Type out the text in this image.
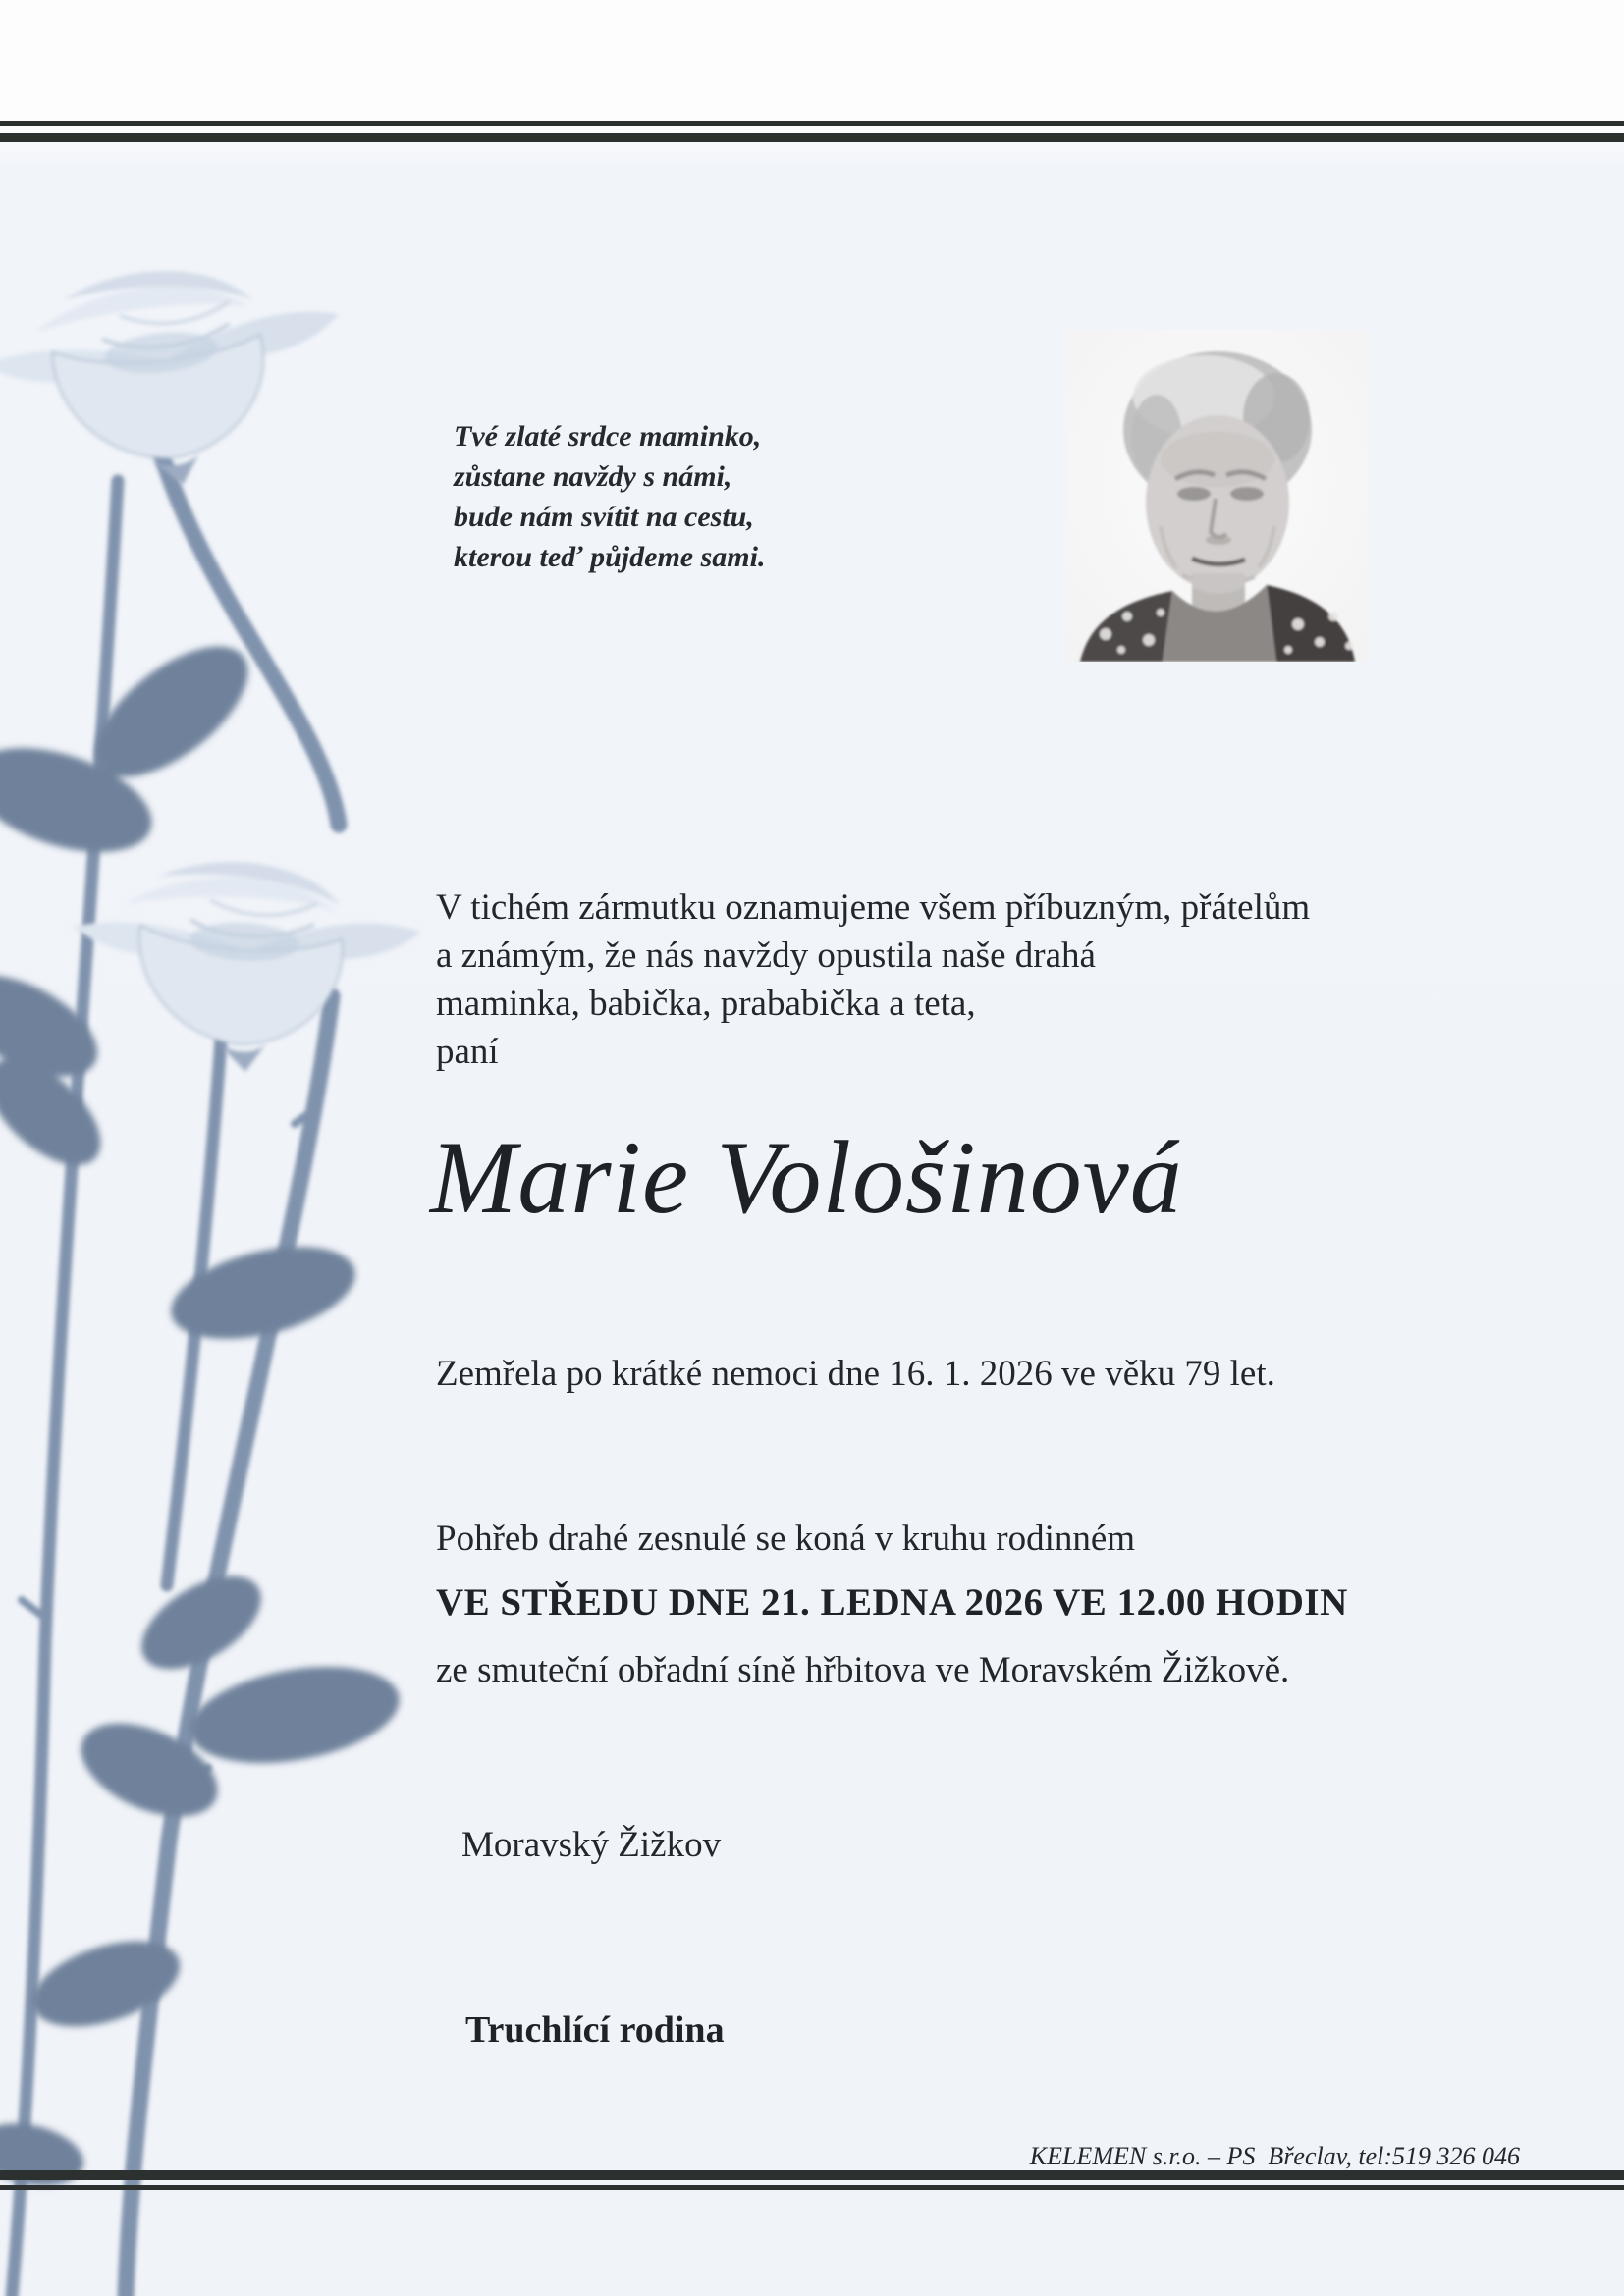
Tvé zlaté srdce maminko,
zůstane navždy s námi,
bude nám svítit na cestu,
kterou teď půjdeme sami.
V tichém zármutku oznamujeme všem příbuzným, přátelům
a známým, že nás navždy opustila naše drahá
maminka, babička, prababička a teta,
paní
Marie Vološinová
Zemřela po krátké nemoci dne 16. 1. 2026 ve věku 79 let.
Pohřeb drahé zesnulé se koná v kruhu rodinném
VE STŘEDU DNE 21. LEDNA 2026 VE 12.00 HODIN
ze smuteční obřadní síně hřbitova ve Moravském Žižkově.
Moravský Žižkov
Truchlící rodina
KELEMEN s.r.o. – PS  Břeclav, tel:519 326 046
